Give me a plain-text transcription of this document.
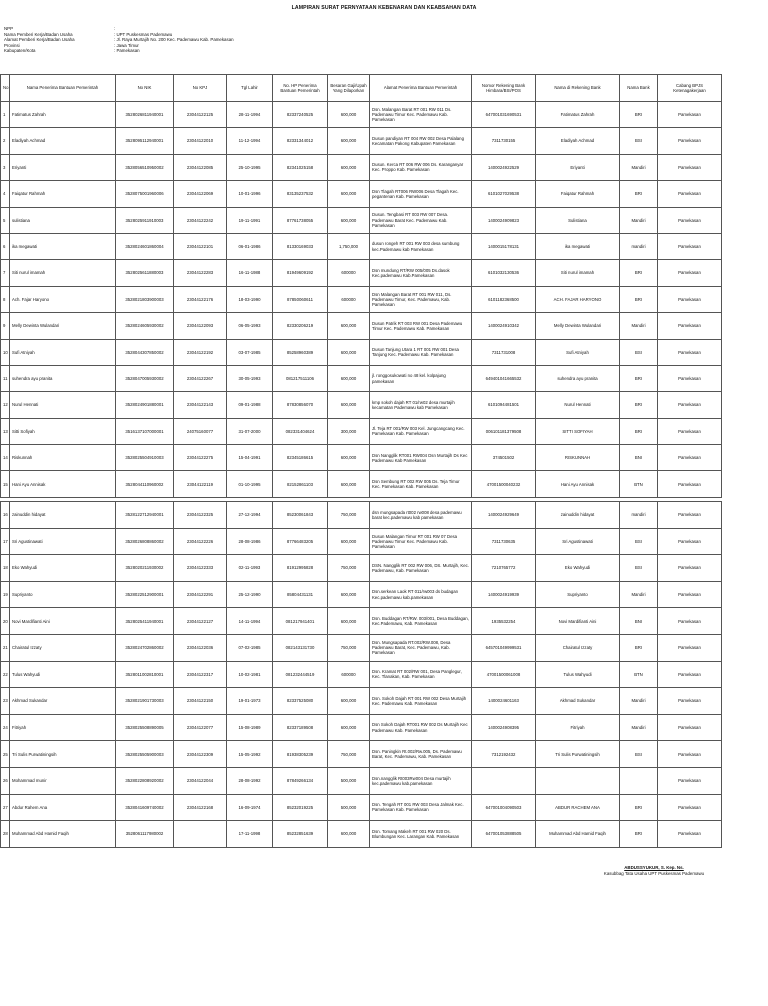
LAMPIRAN SURAT PERNYATAAN KEBENARAN DAN KEABSAHAN DATA
NPP	:
Nama Pemberi Kerja/Badan Usaha	: UPT Puskesmas Pademawu
Alamat Pemberi Kerja/Badan Usaha	: Jl. Raya Murtajih No. 200 Kec. Pademawu Kab. Pamekasan
Provinsi	: Jawa Timur
Kabupaten/Kota	: Pamekasan
No	Nama Penerima Bantuan Pemerintah	No NIK	No KPJ	Tgl Lahir	No. HP Penerima Bantuan Pemerintah	Besaran Gaji/Upah Yang Dilaporkan	Alamat Penerima Bantuan Pemerintah	Nomor Rekening Bank Himbara/BSI/POS	Nama di Rekening Bank	Nama Bank	Cabang BPJS Ketenagakerjaan
1	Fatimatus Zahrah	3528026811940001	23044122125	28-11-1994	82337240525	600,000	Dsn. Malangan Barat RT 001 RW 011 Ds. Pademawu Timur Kec. Pademawu Kab. Pamekasan	647001031690531	Fatimatus Zahrah	BRI	Pamekasan
2	Eladiyah Achmad	3528095112940001	23044122010	11-12-1994	82331344012	600,000	Dusun pandiyan RT 004 RW 002 Desa Palalang Kecamatan Pakong Kabupaten Pamekasan	7311730155	Eladiyah Achmad	BSI	Pamekasan
3	Eriyanti	3528056510950002	23044122085	25-10-1995	82341025158	600,000	Dusun. Kerca RT 006 RW 006 Ds. Karanganyar Kec. Proppo Kab. Pamekasan	1400024922529	Eriyanti	Mandiri	Pamekasan
4	Faiqatur Rahmah	3528075001960006	23044122069	10-01-1996	83135237532	600,000	Dsn Tlagah RT006 RW006 Desa Tlagah Kec. pegantenan Kab. Pamekasan	6101027029538	Faiqatur Rahmah	BRI	Pamekasan
5	sulistiana	3528025911910003	23044122242	19-11-1991	87761738055	600,000	Dusun. Tengbasi RT 003 RW 007 Desa. Pademawu Barat Kec. Pademawu Kab. Pamekasan	1400024909823	Sulistiana	Mandiri	Pamekasan
6	ika megawati	3528024601860004	23044122101	06-01-1986	81330169033	1,750,000	dusun rongeh RT 001 RW 003 desa sumbung kec.Pademawu kab Pamekasan	1400015178131	ika megawati	mandiri	Pamekasan
7	Siti nurul imamah	3528025611880003	23044122283	16-11-1988	81949609192	600000	Dsn mundung RT/RW 005/005 Ds.dasok Kec.pademawu Kab.Pamekasan	6101032130536	Siti nurul imamah	BRI	Pamekasan
8	Ach. Fajar Haryono	3528021803900003	23044122176	18-03-1990	87850060611	600000	Dsn Malangan Barat RT 001 RW 011, Ds. Pademawu Timur, Kec. Pademawu, Kab. Pamekasan	6101182368500	ACH. FAJAR HARYONO	BRI	Pamekasan
9	Melly Dewinta Wulandari	3528024605930002	23044122093	06-05-1993	82330206219	600,000	Dusun Patrik RT 003 RW 001 Desa Pademawu Timur Kec. Pademawu Kab. Pamekasan	1400024910342	Melly Dewinta Wulandari	Mandiri	Pamekasan
10	Sufi Atniyah	3528044307850002	23044122192	03-07-1985	85258960389	600,000	Dusun Tanjung Utara 1 RT 001 RW 001 Desa Tanjung Kec. Pademawu Kab. Pamekasan	7311731008	Sufi Atniyah	BSI	Pamekasan
11	suhendra ayu pranita	3528047005930002	23044122267	30-05-1993	081217511106	600,000	jl. ronggosukowati no 48 kel. kolpajung pamekasan	649401041665532	suhendra ayu pranita	BRI	Pamekasan
12	Nurul Hennati	3528024901880001	23044122143	09-01-1988	87830856070	600,000	kmp sokoh dajah RT 01/rw02 desa murtajih kecamatan Pademawu kab Pamekasan	6101094481501	Nurul Hennati	BRI	Pamekasan
13	Sitti Sofiyah	3516137107000001	24075160077	31-07-2000	082331404624	300,000	Jl. Teja RT 001/RW 003 Kel. Jungcangcang Kec. Pamekasan Kab. Pamekasan	006101181379508	SITTI SOFIYAH	BRI	Pamekasan
14	Riskunnah	3528025504910003	23044122275	15-04-1991	82345186615	600,000	Dsn Nangglik RT001 RW004 Dsn Murtajih Ds Kec Pademawu Kab Pamekasan	374501502	RISKUNNAH	BNI	Pamekasan
15	Hani Ayu Annisak	3528044110960002	23044122119	01-10-1995	82152861103	600,000	Dsn Sembung RT 002 RW 005 Ds. Teja Timur Kec. Pamekasan Kab. Pamekasan	47001500040232	Hani Ayu Annisak	BTN	Pamekasan
16	zainuddin hidayat	3528122712940001	23044122325	27-12-1994	85230061843	750,000	dsn mungsapada rt002 rw008 desa pademawu barat kec.pademawu kab pamekasan	1400024929649	zainuddin hidayat	mandiri	Pamekasan
17	Sri Agustinawati	3528026808860002	23044122226	28-08-1986	87766483205	600,000	Dusun Malangan Timur RT 001 RW 07 Desa Pademawu Timur Kec. Pademawu Kab. Pamekasan	7311730635	Sri Agustinawati	BSI	Pamekasan
18	Eko Wahyudi	3528020211930002	23044122333	02-11-1993	81912995828	750,000	DSN. Nangglik RT 002 RW 006, DS. Murtajih, Kec. Pademawu, Kab. Pamekasan	7210765772	Eko Wahyudi	BSI	Pamekasan
19	Supriyanto	3528022512900001	23044122291	25-12-1990	85804431131	600,000	Dsn.serkean Laok RT 011/rw003 ds budagan Kec.pademawu kab.pamekasan	1400024919939	Supriyanto	Mandiri	Pamekasan
20	Novi Mardifianti Aini	3528025411940001	23044122127	14-11-1994	081217941401	600,000	Dsn. Buddagan RT/RW. 003/001, Desa Buddagan, Kec.Pademawu, Kab. Pamekasan	1935532254	Novi Mardifianti Aini	BNI	Pamekasan
21	Chairatul Izzaty	3528024702860002	23044122036	07-02-1985	082143131730	750,000	Dsn. Mungsapada RT.002/RW.008, Desa Pademawu Barat, Kec. Pademawu, Kab. Pamekasan	645701049999531	Chairatul Izzaty	BRI	Pamekasan
22	Tulus Wahyudi	3528011002810001	23044122317	10-02-1981	081232444519	600000	Dsn. Kramat RT 002/RW 001, Desa Panglegur, Kec. Tlanakan, Kab. Pamekasan	47001500061008	Tulus Wahyudi	BTN	Pamekasan
23	Akhmad Sukandar	3528021901730003	23044122150	19-01-1973	82337525080	600,000	Dsn. Sokoh Dajah RT 001 RW 002 Desa Murtajih Kec. Pademawu Kab. Pamekasan	1400024601163	Akhmad Sukandar	Mandiri	Pamekasan
24	Fitriyah	3528025508890005	23044122077	15-08-1989	82337189508	600,000	Dsn Sokoh Dajah RT001 RW 002 Ds Murtajih Kec Pademawu Kab. Pamekasan	1400024908395	Fitriyah	Mandiri	Pamekasan
25	Tri Sulis Purwatiningsih	3528025505900003	23044122309	15-05-1992	81938305239	750,000	Dsn. Paningkin Rt.002/Rw.005, Ds. Pademawu Barat, Kec. Pademawu, Kab. Pamekasan	7312192432	Tri Sulis Purwatiningsih	BSI	Pamekasan
26	Mohammad munir	3528022808920002	23044122044	28-08-1992	87849266134	500,000	Dsn.nangglik Rt003Rw004 Desa murtajih kec.pademawu kab.pamekasan				Pamekasan
27	Abdur Rahem Ana	3528041609740002	23044122168	16-09-1974	85232019225	500,000	Dsn. Tengah RT 001 RW 003 Desa Jalmak Kec. Pamekasan Kab. Pamekasan	647001004090503	ABDUR RACHEM ANA	BRI	Pamekasan
28	Muhammad Abd Hamid Faqih	3528061117980002		17-11-1998	85232851639	600,000	Dsn. Tomang Makeh RT 001 RW 020 Ds. Blumbungan Kec. Larangan Kab. Pamekasan	647001053888505	Muhammad Abd Hamid Faqih	BRI	Pamekasan
ABDUSSYUKUR, S. Kep. Ns.
Kasubbag Tata Usaha UPT Puskesmas Pademawu
